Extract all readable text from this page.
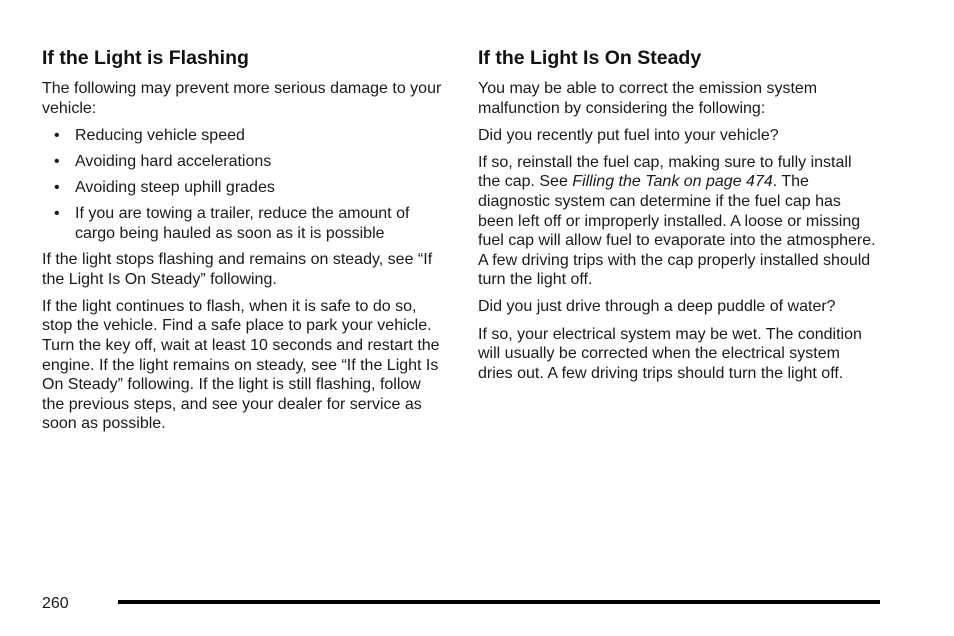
If the Light is Flashing

The following may prevent more serious damage to your vehicle:

• Reducing vehicle speed
• Avoiding hard accelerations
• Avoiding steep uphill grades
• If you are towing a trailer, reduce the amount of cargo being hauled as soon as it is possible

If the light stops flashing and remains on steady, see “If the Light Is On Steady” following.

If the light continues to flash, when it is safe to do so, stop the vehicle. Find a safe place to park your vehicle. Turn the key off, wait at least 10 seconds and restart the engine. If the light remains on steady, see “If the Light Is On Steady” following. If the light is still flashing, follow the previous steps, and see your dealer for service as soon as possible.

If the Light Is On Steady

You may be able to correct the emission system malfunction by considering the following:

Did you recently put fuel into your vehicle?

If so, reinstall the fuel cap, making sure to fully install the cap. See Filling the Tank on page 474. The diagnostic system can determine if the fuel cap has been left off or improperly installed. A loose or missing fuel cap will allow fuel to evaporate into the atmosphere. A few driving trips with the cap properly installed should turn the light off.

Did you just drive through a deep puddle of water?

If so, your electrical system may be wet. The condition will usually be corrected when the electrical system dries out. A few driving trips should turn the light off.

260
